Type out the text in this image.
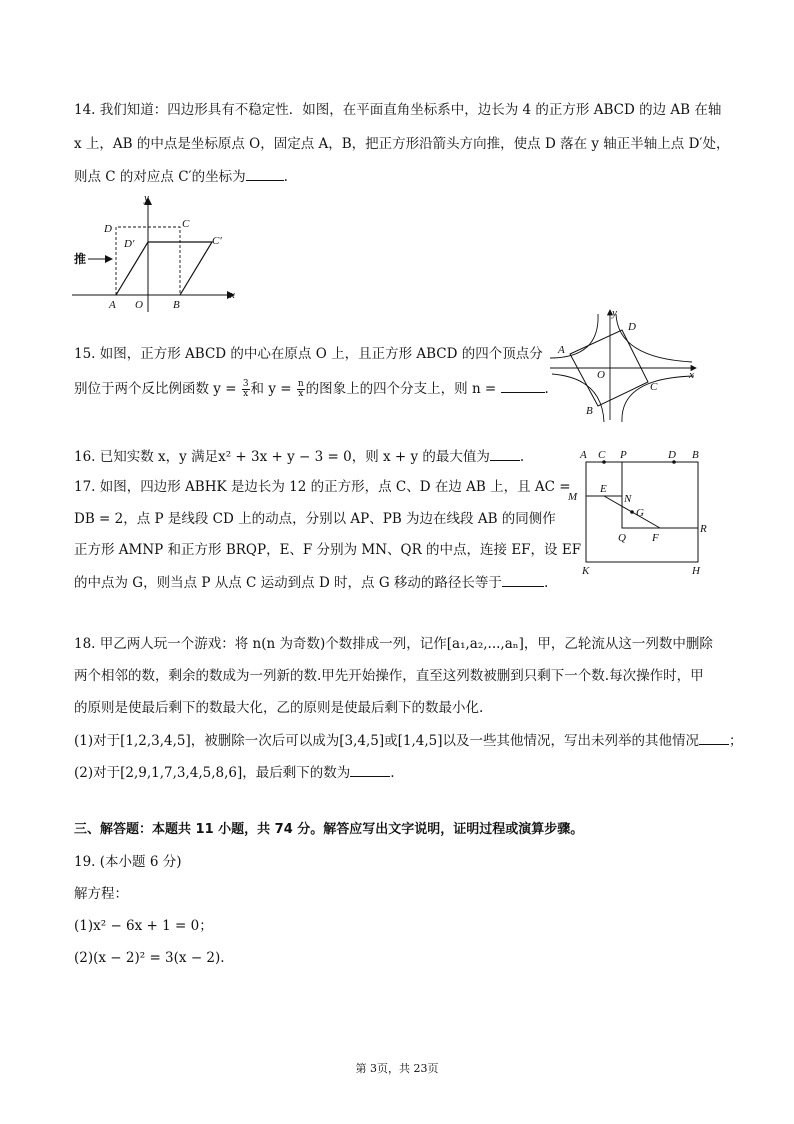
14. 我们知道：四边形具有不稳定性．如图，在平面直角坐标系中，边长为 4 的正方形 ABCD 的边 AB 在轴
x 上，AB 的中点是坐标原点 O，固定点 A，B，把正方形沿箭头方向推，使点 D 落在 y 轴正半轴上点 D′处，
则点 C 的对应点 C′的坐标为	.
y
D	C
D′	C′
推
A O	B
x
15. 如图，正方形 ABCD 的中心在原点 O 上，且正方形 ABCD 的四个顶点分
别位于两个反比例函数 $y = \frac{3}{x}$ 和 $y = \frac{n}{x}$ 的图象上的四个分支上，则 n =	.
y
D
A
O
C
x
B
16. 已知实数 x，y 满足x² + 3x + y − 3 = 0，则 x + y 的最大值为 .
17. 如图，四边形 ABHK 是边长为 12 的正方形，点 C、D 在边 AB 上，且 AC =
DB = 2，点 P 是线段 CD 上的动点，分别以 AP、PB 为边在线段 AB 的同侧作
正方形 AMNP 和正方形 BRQP，E、F 分别为 MN、QR 的中点，连接 EF，设 EF
的中点为 G，则当点 P 从点 C 运动到点 D 时，点 G 移动的路径长等于	.
A C P	D B
M
E
N
G
R
Q F
K	H
18. 甲乙两人玩一个游戏：将 n(n 为奇数)个数排成一列，记作[a₁,a₂,...,aₙ]，甲，乙轮流从这一列数中删除
两个相邻的数，剩余的数成为一列新的数.甲先开始操作，直至这列数被删到只剩下一个数.每次操作时，甲
的原则是使最后剩下的数最大化，乙的原则是使最后剩下的数最小化.
(1)对于[1,2,3,4,5]，被删除一次后可以成为[3,4,5]或[1,4,5]以及一些其他情况，写出未列举的其他情况 ；
(2)对于[2,9,1,7,3,4,5,8,6]，最后剩下的数为	.
三、解答题：本题共 11 小题，共 74 分。解答应写出文字说明，证明过程或演算步骤。
19. (本小题 6 分)
解方程：
(1)x² − 6x + 1 = 0；
(2)(x − 2)² = 3(x − 2).
第 3页，共 23页
